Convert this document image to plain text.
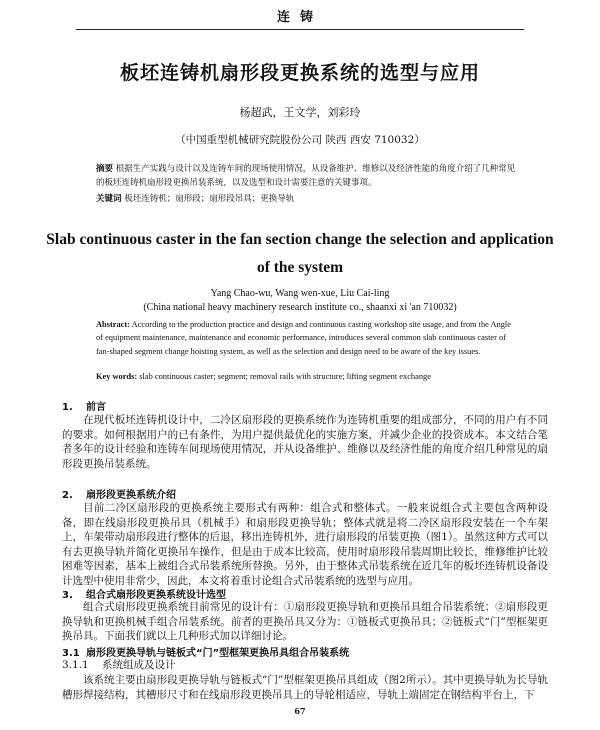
连铸
板坯连铸机扇形段更换系统的选型与应用
杨超武，王文学，刘彩玲
（中国重型机械研究院股份公司 陕西 西安 710032）
摘要 根据生产实践与设计以及连铸车间的现场使用情况，从设备维护、维修以及经济性能的角度介绍了几种常见的板坯连铸机扇形段更换吊装系统，以及选型和设计需要注意的关键事项。
关键词 板坯连铸机；扇形段；扇形段吊具；更换导轨
Slab continuous caster in the fan section change the selection and application of the system
Yang Chao-wu, Wang wen-xue, Liu Cai-ling
(China national heavy machinery research institute co., shaanxi xi 'an 710032)
Abstract: According to the production practice and design and continuous casting workshop site usage, and from the Angle of equipment maintenance, maintenance and economic performance, introduces several common slab continuous caster of fan-shaped segment change hoisting system, as well as the selection and design need to be aware of the key issues.
Key words: slab continuous caster; segment; removal rails with structure; lifting segment exchange
1. 前言

在现代板坯连铸机设计中，二冷区扇形段的更换系统作为连铸机重要的组成部分，不同的用户有不同的要求。如何根据用户的已有条件，为用户提供最优化的实施方案，并减少企业的投资成本。本文结合笔者多年的设计经验和连铸车间现场使用情况，并从设备维护、维修以及经济性能的角度介绍几种常见的扇形段更换吊装系统。

2. 扇形段更换系统介绍

目前二冷区扇形段的更换系统主要形式有两种：组合式和整体式。一般来说组合式主要包含两种设备，即在线扇形段更换吊具（机械手）和扇形段更换导轨；整体式就是将二冷区扇形段安装在一个车架上，车架带动扇形段进行整体的后退，移出连铸机外，进行扇形段的吊装更换（图1）。虽然这种方式可以有去更换导轨并简化更换吊车操作，但是由于成本比较高，使用时扇形段吊装周期比较长，维修维护比较困难等因素，基本上被组合式吊装系统所替换。另外，由于整体式吊装系统在近几年的板坯连铸机设备设计选型中使用非常少，因此，本文将着重讨论组合式吊装系统的选型与应用。

3. 组合式扇形段更换系统设计选型

组合式扇形段更换系统目前常见的设计有：①扇形段更换导轨和更换吊具组合吊装系统；②扇形段更换导轨和更换机械手组合吊装系统。前者的更换吊具又分为：①链板式更换吊具；②链板式“门”型框架更换吊具。下面我们就以上几种形式加以详细讨论。

3.1 扇形段更换导轨与链板式“门”型框架更换吊具组合吊装系统
3.1.1 系统组成及设计

该系统主要由扇形段更换导轨与链板式“门”型框架更换吊具组成（图2所示）。其中更换导轨为长导轨槽形焊接结构，其槽形尺寸和在线扇形段更换吊具上的导轮相适应，导轨上端固定在钢结构平台上，下

67
